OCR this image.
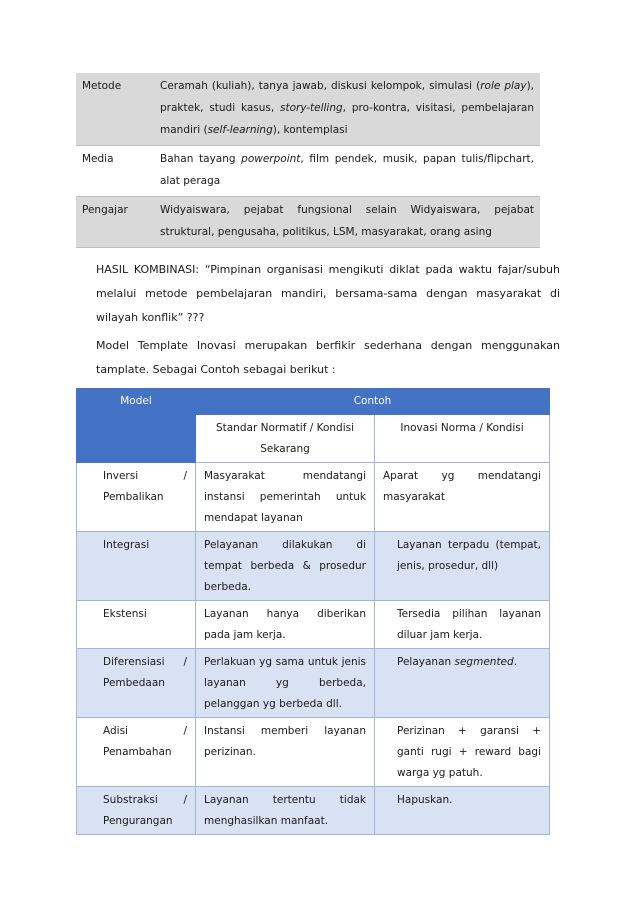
Metode	Ceramah (kuliah), tanya jawab, diskusi kelompok, simulasi (role play), praktek, studi kasus, story-telling, pro-kontra, visitasi, pembelajaran mandiri (self-learning), kontemplasi
Media	Bahan tayang powerpoint, film pendek, musik, papan tulis/flipchart, alat peraga
Pengajar	Widyaiswara, pejabat fungsional selain Widyaiswara, pejabat struktural, pengusaha, politikus, LSM, masyarakat, orang asing
HASIL KOMBINASI: “Pimpinan organisasi mengikuti diklat pada waktu fajar/subuh melalui metode pembelajaran mandiri, bersama-sama dengan masyarakat di wilayah konflik” ???
Model Template Inovasi merupakan berfikir sederhana dengan menggunakan tamplate. Sebagai Contoh sebagai berikut :
Model	Contoh	
	Standar Normatif / Kondisi Sekarang	Inovasi Norma / Kondisi
Inversi / Pembalikan	Masyarakat mendatangi instansi pemerintah untuk mendapat layanan	Aparat yg mendatangi masyarakat
Integrasi	Pelayanan dilakukan di tempat berbeda & prosedur berbeda.	Layanan terpadu (tempat, jenis, prosedur, dll)
Ekstensi	Layanan hanya diberikan pada jam kerja.	Tersedia pilihan layanan diluar jam kerja.
Diferensiasi / Pembedaan	Perlakuan yg sama untuk jenis layanan yg berbeda, pelanggan yg berbeda dll.	Pelayanan segmented.
Adisi / Penambahan	Instansi memberi layanan perizinan.	Perizinan + garansi + ganti rugi + reward bagi warga yg patuh.
Substraksi / Pengurangan	Layanan tertentu tidak menghasilkan manfaat.	Hapuskan.
